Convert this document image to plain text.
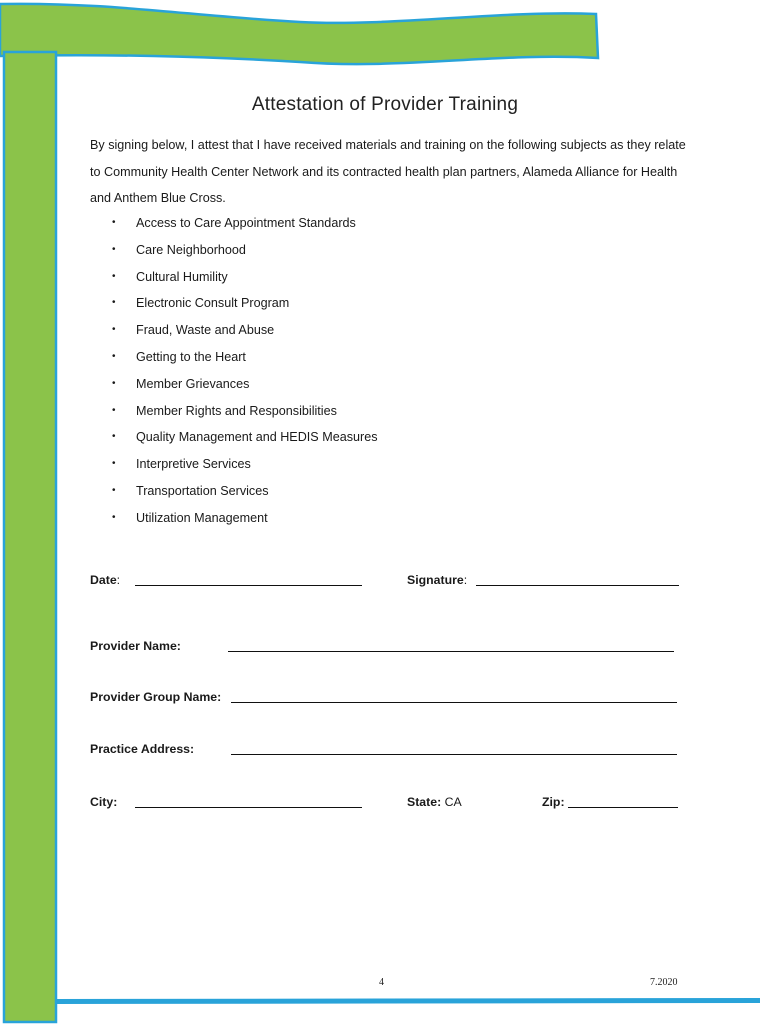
Attestation of Provider Training
By signing below, I attest that I have received materials and training on the following subjects as they relate to Community Health Center Network and its contracted health plan partners, Alameda Alliance for Health and Anthem Blue Cross.
• Access to Care Appointment Standards
• Care Neighborhood
• Cultural Humility
• Electronic Consult Program
• Fraud, Waste and Abuse
• Getting to the Heart
• Member Grievances
• Member Rights and Responsibilities
• Quality Management and HEDIS Measures
• Interpretive Services
• Transportation Services
• Utilization Management
Date:	Signature:
Provider Name:
Provider Group Name:
Practice Address:
City:	State: CA	Zip:
4	7.2020
